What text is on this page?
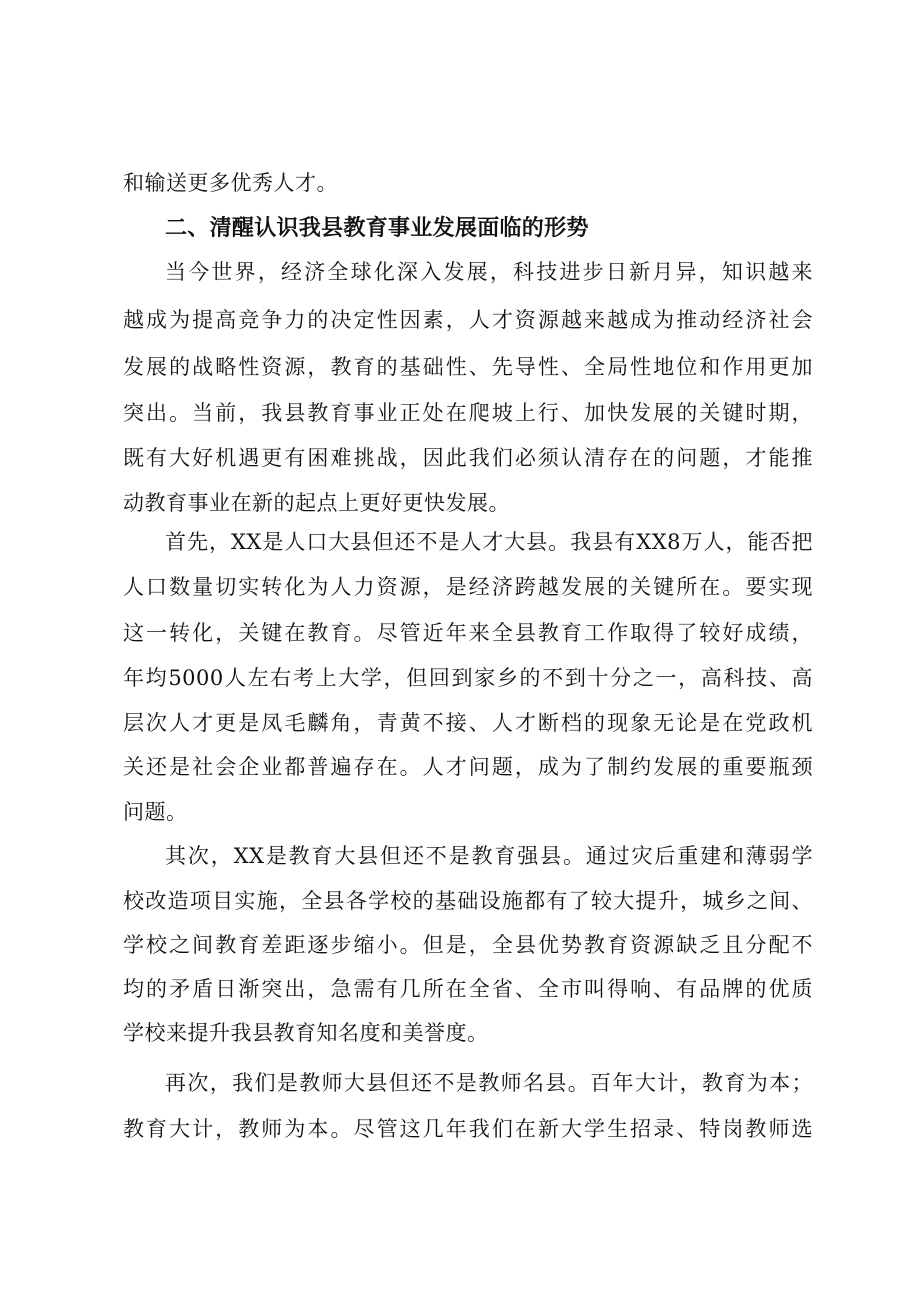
和输送更多优秀人才。
二、清醒认识我县教育事业发展面临的形势
当今世界，经济全球化深入发展，科技进步日新月异，知识越来
越成为提高竞争力的决定性因素，人才资源越来越成为推动经济社会
发展的战略性资源，教育的基础性、先导性、全局性地位和作用更加
突出。当前，我县教育事业正处在爬坡上行、加快发展的关键时期，
既有大好机遇更有困难挑战，因此我们必须认清存在的问题，才能推
动教育事业在新的起点上更好更快发展。
首先，XX是人口大县但还不是人才大县。我县有XX8万人，能否把
人口数量切实转化为人力资源，是经济跨越发展的关键所在。要实现
这一转化，关键在教育。尽管近年来全县教育工作取得了较好成绩，
年均5000人左右考上大学，但回到家乡的不到十分之一，高科技、高
层次人才更是凤毛麟角，青黄不接、人才断档的现象无论是在党政机
关还是社会企业都普遍存在。人才问题，成为了制约发展的重要瓶颈
问题。
其次，XX是教育大县但还不是教育强县。通过灾后重建和薄弱学
校改造项目实施，全县各学校的基础设施都有了较大提升，城乡之间、
学校之间教育差距逐步缩小。但是，全县优势教育资源缺乏且分配不
均的矛盾日渐突出，急需有几所在全省、全市叫得响、有品牌的优质
学校来提升我县教育知名度和美誉度。
再次，我们是教师大县但还不是教师名县。百年大计，教育为本；
教育大计，教师为本。尽管这几年我们在新大学生招录、特岗教师选
